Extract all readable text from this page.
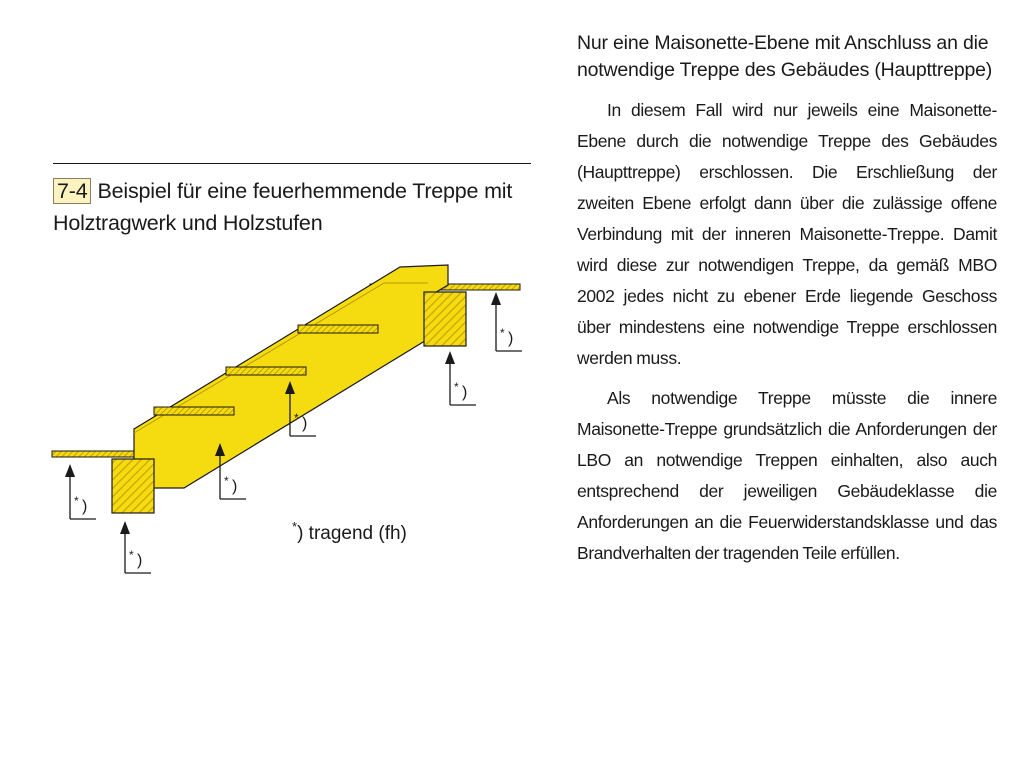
7-4 Beispiel für eine feuerhemmende Treppe mit Holztragwerk und Holzstufen
* )
* )
* )
* )
* )
* )
*) tragend (fh)
Nur eine Maisonette-Ebene mit Anschluss an die notwendige Treppe des Gebäudes (Haupttreppe)

In diesem Fall wird nur jeweils eine Maisonette-Ebene durch die notwendige Treppe des Gebäudes (Haupttreppe) erschlossen. Die Erschließung der zweiten Ebene erfolgt dann über die zulässige offene Verbindung mit der inneren Maisonette-Treppe. Damit wird diese zur notwendigen Treppe, da gemäß MBO 2002 jedes nicht zu ebener Erde liegende Geschoss über mindestens eine notwendige Treppe erschlossen werden muss.

Als notwendige Treppe müsste die innere Maisonette-Treppe grundsätzlich die Anforderungen der LBO an notwendige Treppen einhalten, also auch entsprechend der jeweiligen Gebäudeklasse die Anforderungen an die Feuerwiderstandsklasse und das Brandverhalten der tragenden Teile erfüllen.
